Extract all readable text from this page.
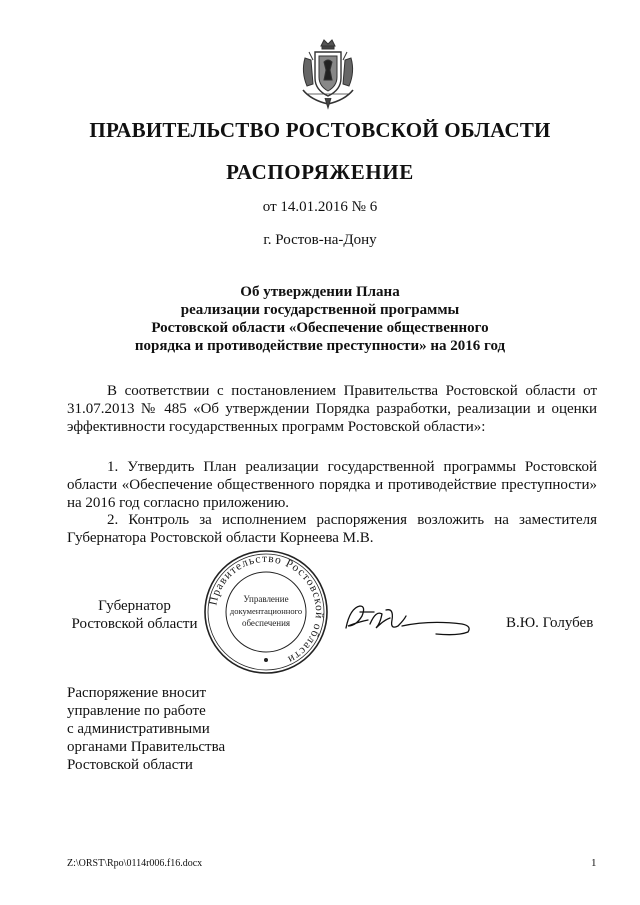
ПРАВИТЕЛЬСТВО РОСТОВСКОЙ ОБЛАСТИ
РАСПОРЯЖЕНИЕ
от 14.01.2016 № 6
г. Ростов-на-Дону
Об утверждении Плана
реализации государственной программы
Ростовской области «Обеспечение общественного
порядка и противодействие преступности» на 2016 год
В соответствии с постановлением Правительства Ростовской области от 31.07.2013 № 485 «Об утверждении Порядка разработки, реализации и оценки эффективности государственных программ Ростовской области»:
1. Утвердить План реализации государственной программы Ростовской области «Обеспечение общественного порядка и противодействие преступности» на 2016 год согласно приложению.
2. Контроль за исполнением распоряжения возложить на заместителя Губернатора Ростовской области Корнеева М.В.
Губернатор
Ростовской области
Правительство Ростовской области
Управление
документационного
обеспечения	В.Ю. Голубев
Распоряжение вносит
управление по работе
с административными
органами Правительства
Ростовской области
Z:\ORST\Rpo\0114r006.f16.docx	1
